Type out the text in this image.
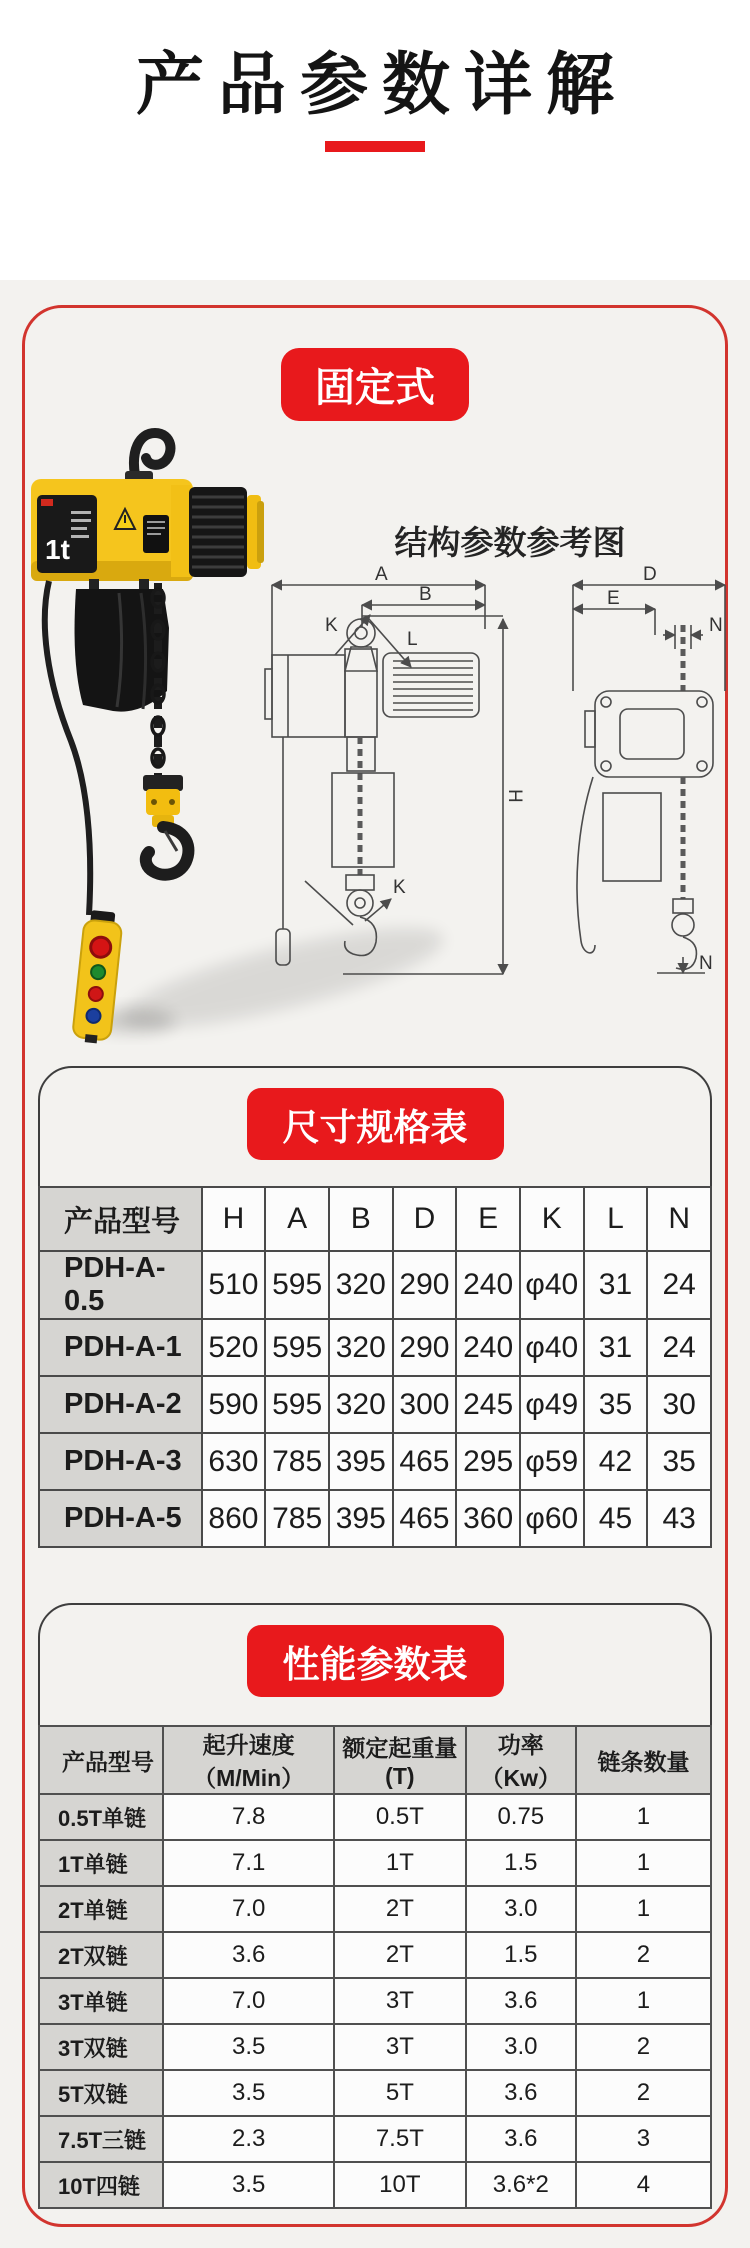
产品参数详解
固定式
1t	结构参数参考图
A
B
K
L
H
K
D
E
N
N
尺寸规格表
产品型号	H	A	B	D	E	K	L	N
PDH-A-0.5	510	595	320	290	240	φ40	31	24
PDH-A-1	520	595	320	290	240	φ40	31	24
PDH-A-2	590	595	320	300	245	φ49	35	30
PDH-A-3	630	785	395	465	295	φ59	42	35
PDH-A-5	860	785	395	465	360	φ60	45	43
性能参数表
产品型号	起升速度（M/Min）	额定起重量(T)	功率（Kw）	链条数量
0.5T单链	7.8	0.5T	0.75	1
1T单链	7.1	1T	1.5	1
2T单链	7.0	2T	3.0	1
2T双链	3.6	2T	1.5	2
3T单链	7.0	3T	3.6	1
3T双链	3.5	3T	3.0	2
5T双链	3.5	5T	3.6	2
7.5T三链	2.3	7.5T	3.6	3
10T四链	3.5	10T	3.6*2	4
